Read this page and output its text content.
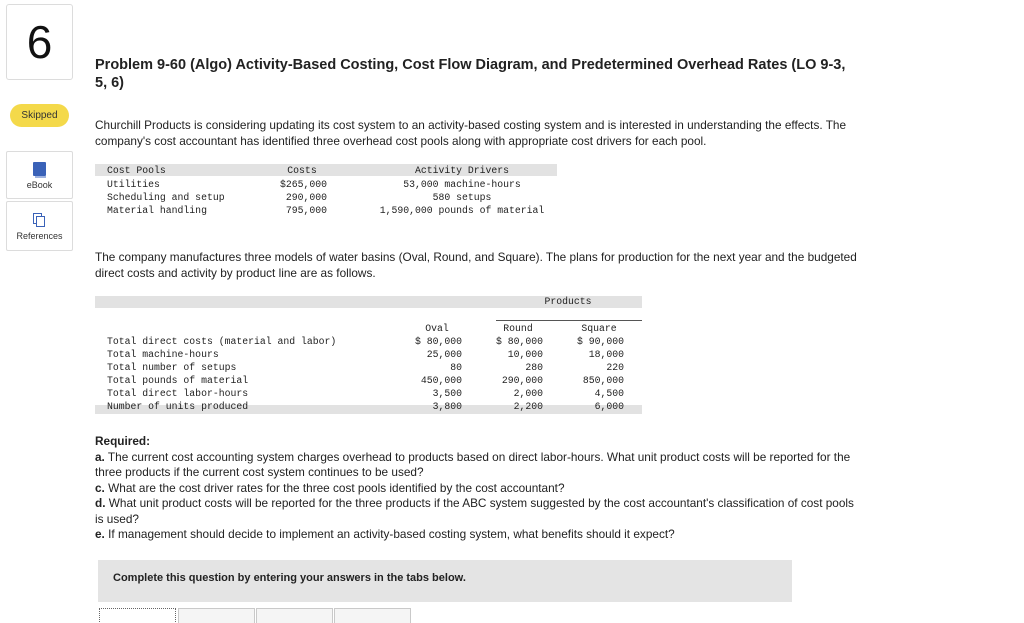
6
Skipped
eBook
References
Problem 9-60 (Algo) Activity-Based Costing, Cost Flow Diagram, and Predetermined Overhead Rates (LO 9-3, 5, 6)
Churchill Products is considering updating its cost system to an activity-based costing system and is interested in understanding the effects. The company's cost accountant has identified three overhead cost pools along with appropriate cost drivers for each pool.
Cost Pools	Costs	Activity Drivers
Utilities	$265,000	53,000 machine-hours
Scheduling and setup	290,000	580 setups
Material handling	795,000	1,590,000 pounds of material
The company manufactures three models of water basins (Oval, Round, and Square). The plans for production for the next year and the budgeted direct costs and activity by product line are as follows.
Products
Oval	Round	Square
Total direct costs (material and labor)	$ 80,000	$ 80,000	$ 90,000
Total machine-hours	25,000	10,000	18,000
Total number of setups	80	280	220
Total pounds of material	450,000	290,000	850,000
Total direct labor-hours	3,500	2,000	4,500
Number of units produced	3,800	2,200	6,000
Required:
a. The current cost accounting system charges overhead to products based on direct labor-hours. What unit product costs will be reported for the three products if the current cost system continues to be used?
c. What are the cost driver rates for the three cost pools identified by the cost accountant?
d. What unit product costs will be reported for the three products if the ABC system suggested by the cost accountant's classification of cost pools is used?
e. If management should decide to implement an activity-based costing system, what benefits should it expect?
Complete this question by entering your answers in the tabs below.
